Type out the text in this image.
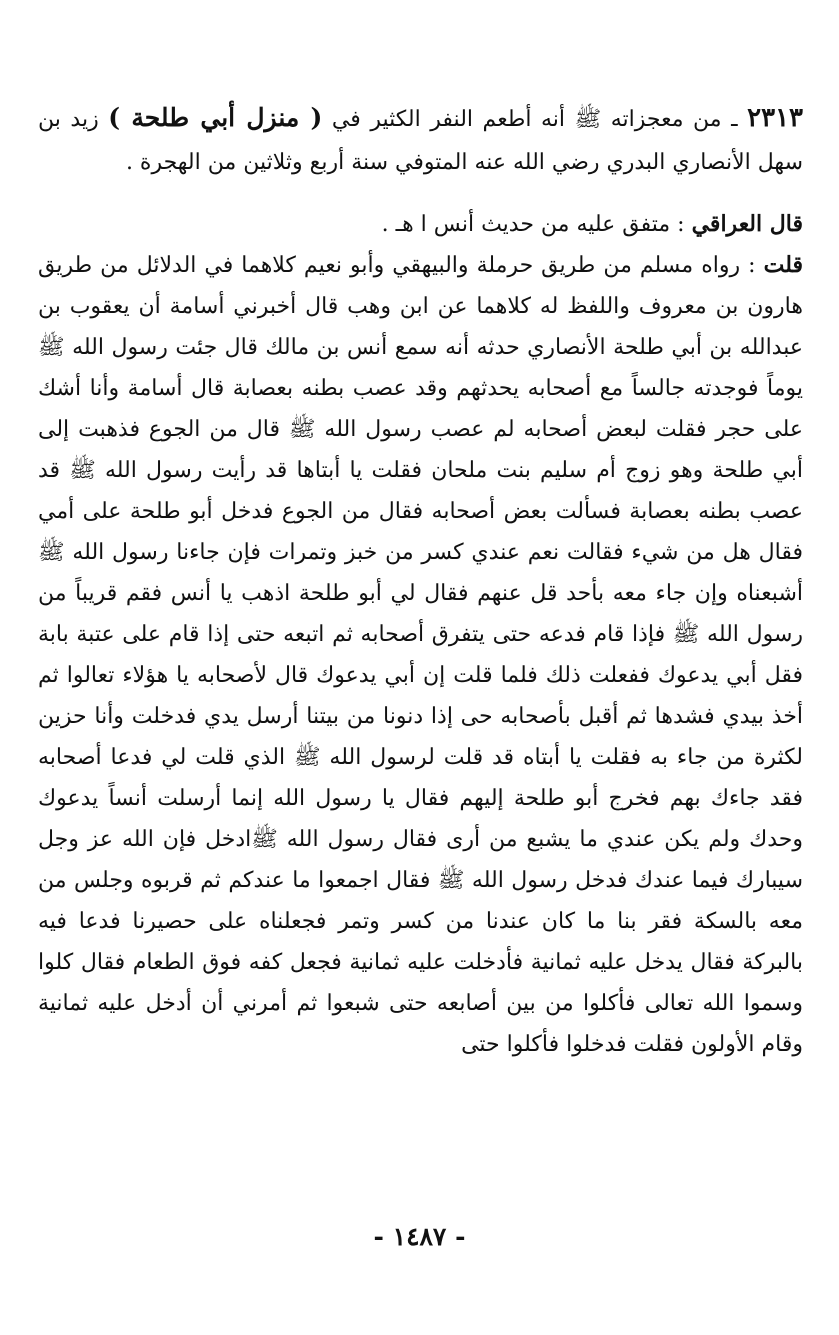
٢٣١٣ ـ من معجزاته ﷺ أنه أطعم النفر الكثير في ( منزل أبي طلحة ) زيد بن سهل الأنصاري البدري رضي الله عنه المتوفي سنة أربع وثلاثين من الهجرة .

قال العراقي : متفق عليه من حديث أنس ا هـ .

قلت : رواه مسلم من طريق حرملة والبيهقي وأبو نعيم كلاهما في الدلائل من طريق هارون بن معروف واللفظ له كلاهما عن ابن وهب قال أخبرني أسامة أن يعقوب بن عبدالله بن أبي طلحة الأنصاري حدثه أنه سمع أنس بن مالك قال جئت رسول الله ﷺ يوماً فوجدته جالساً مع أصحابه يحدثهم وقد عصب بطنه بعصابة قال أسامة وأنا أشك على حجر فقلت لبعض أصحابه لم عصب رسول الله ﷺ قال من الجوع فذهبت إلى أبي طلحة وهو زوج أم سليم بنت ملحان فقلت يا أبتاها قد رأيت رسول الله ﷺ قد عصب بطنه بعصابة فسألت بعض أصحابه فقال من الجوع فدخل أبو طلحة على أمي فقال هل من شيء فقالت نعم عندي كسر من خبز وتمرات فإن جاءنا رسول الله ﷺ أشبعناه وإن جاء معه بأحد قل عنهم فقال لي أبو طلحة اذهب يا أنس فقم قريباً من رسول الله ﷺ فإذا قام فدعه حتى يتفرق أصحابه ثم اتبعه حتى إذا قام على عتبة بابة فقل أبي يدعوك ففعلت ذلك فلما قلت إن أبي يدعوك قال لأصحابه يا هؤلاء تعالوا ثم أخذ بيدي فشدها ثم أقبل بأصحابه حى إذا دنونا من بيتنا أرسل يدي فدخلت وأنا حزين لكثرة من جاء به فقلت يا أبتاه قد قلت لرسول الله ﷺ الذي قلت لي فدعا أصحابه فقد جاءك بهم فخرج أبو طلحة إليهم فقال يا رسول الله إنما أرسلت أنساً يدعوك وحدك ولم يكن عندي ما يشبع من أرى فقال رسول الله ﷺادخل فإن الله عز وجل سيبارك فيما عندك فدخل رسول الله ﷺ فقال اجمعوا ما عندكم ثم قربوه وجلس من معه بالسكة فقر بنا ما كان عندنا من كسر وتمر فجعلناه على حصيرنا فدعا فيه بالبركة فقال يدخل عليه ثمانية فأدخلت عليه ثمانية فجعل كفه فوق الطعام فقال كلوا وسموا الله تعالى فأكلوا من بين أصابعه حتى شبعوا ثم أمرني أن أدخل عليه ثمانية وقام الأولون فقلت فدخلوا فأكلوا حتى

- ١٤٨٧ -
